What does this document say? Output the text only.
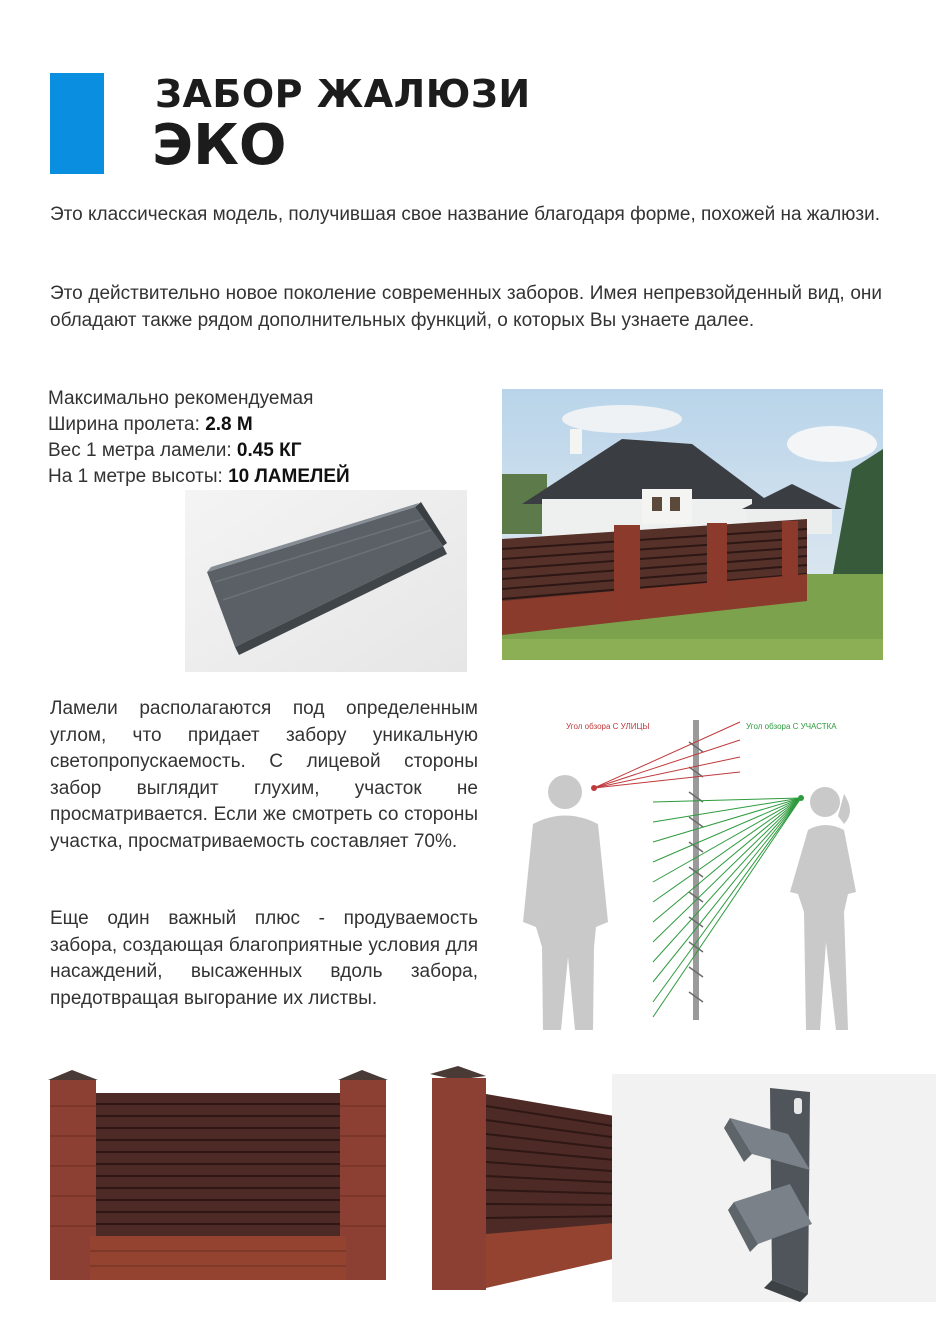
ЗАБОР ЖАЛЮЗИ
ЭКО
Это классическая модель, получившая свое название благодаря форме, похожей на жалюзи.
Это действительно новое поколение современных заборов. Имея непревзойденный вид, они обладают также рядом дополнительных функций, о которых Вы узнаете далее.
Максимально рекомендуемая
Ширина пролета: 2.8 М
Вес 1 метра ламели: 0.45 КГ
На 1 метре высоты: 10 ЛАМЕЛЕЙ
Ламели располагаются под определенным углом, что придает забору уникальную светопропускаемость. С лицевой стороны забор выглядит глухим, участок не просматривается. Если же смотреть со стороны участка, просматриваемость составляет 70%.
Еще один важный плюс - продуваемость забора, создающая благоприятные условия для насаждений, высаженных вдоль забора, предотвращая выгорание их листвы.
Угол обзора С УЛИЦЫ	Угол обзора С УЧАСТКА
